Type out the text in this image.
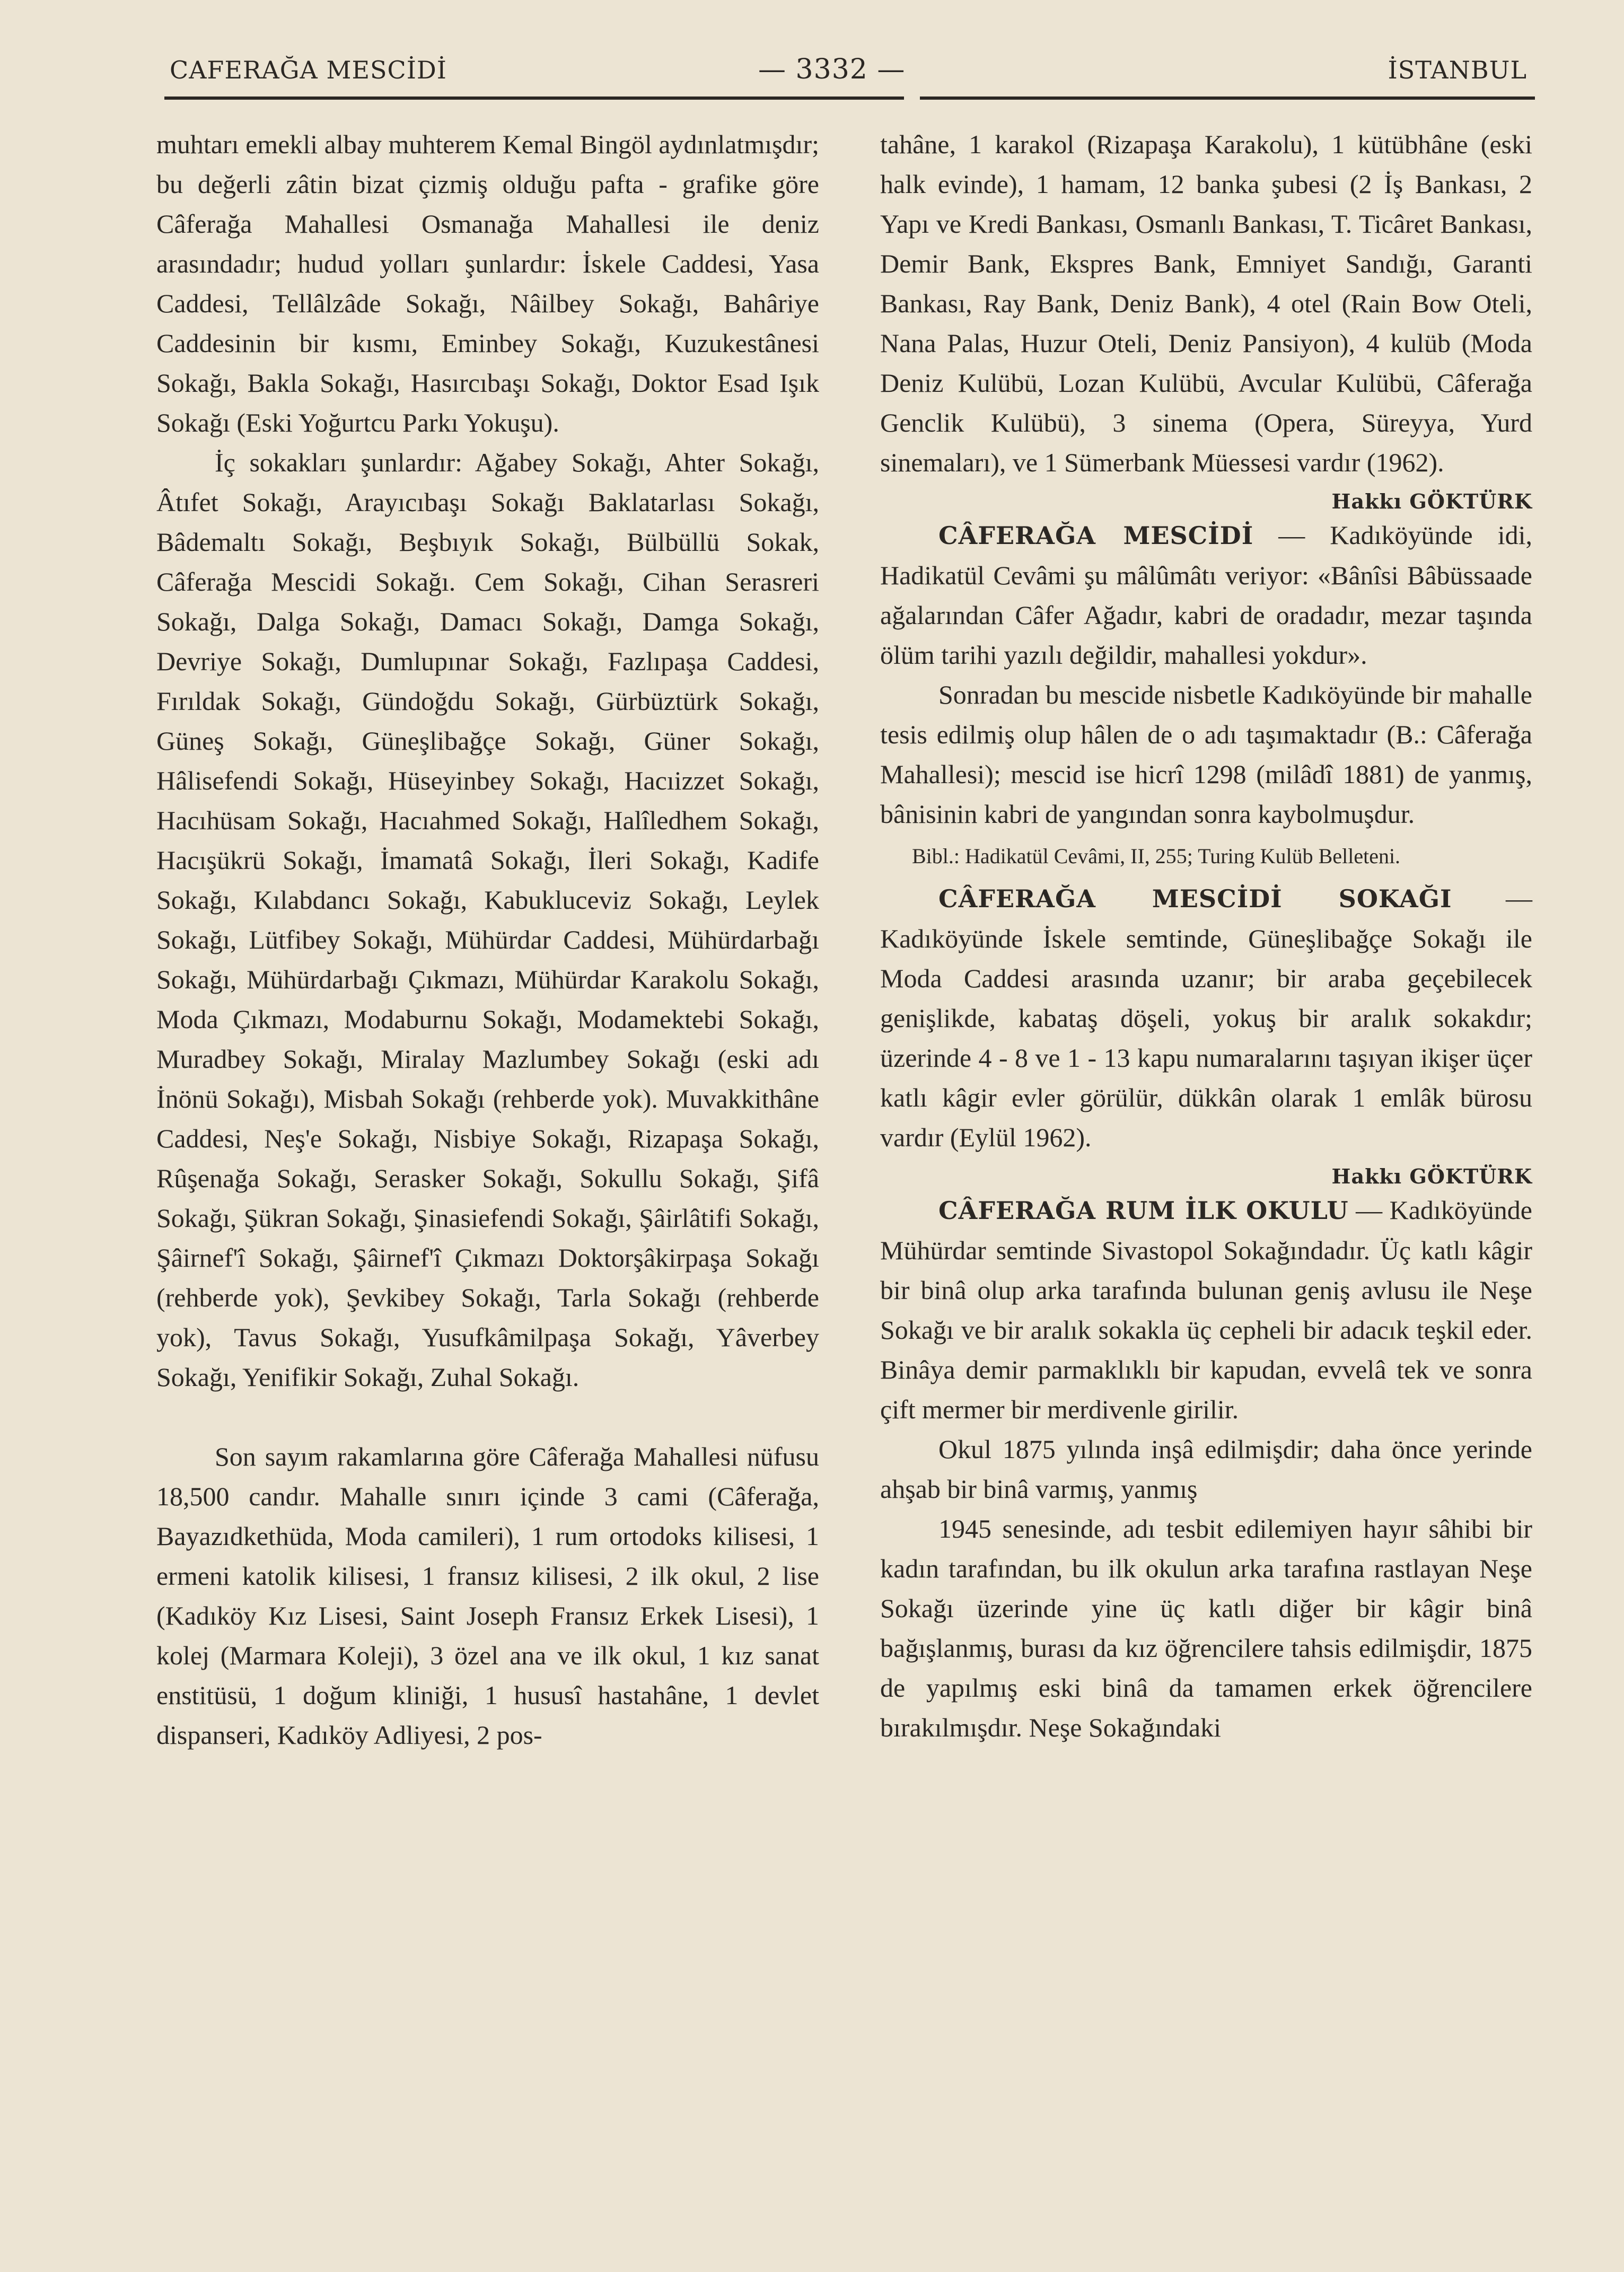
CAFERAĞA MESCİDİ	— 3332 —	İSTANBUL

muhtarı emekli albay muhterem Kemal Bingöl aydınlatmışdır; bu değerli zâtin bizat çizmiş olduğu pafta - grafike göre Câferağa Mahallesi Osmanağa Mahallesi ile deniz arasındadır; hudud yolları şunlardır: İskele Caddesi, Yasa Caddesi, Tellâlzâde Sokağı, Nâilbey Sokağı, Bahâriye Caddesinin bir kısmı, Eminbey Sokağı, Kuzukestânesi Sokağı, Bakla Sokağı, Hasırcıbaşı Sokağı, Doktor Esad Işık Sokağı (Eski Yoğurtcu Parkı Yokuşu).

İç sokakları şunlardır: Ağabey Sokağı, Ahter Sokağı, Âtıfet Sokağı, Arayıcıbaşı Sokağı Baklatarlası Sokağı, Bâdemaltı Sokağı, Beşbıyık Sokağı, Bülbüllü Sokak, Câferağa Mescidi Sokağı. Cem Sokağı, Cihan Serasreri Sokağı, Dalga Sokağı, Damacı Sokağı, Damga Sokağı, Devriye Sokağı, Dumlupınar Sokağı, Fazlıpaşa Caddesi, Fırıldak Sokağı, Gündoğdu Sokağı, Gürbüztürk Sokağı, Güneş Sokağı, Güneşlibağçe Sokağı, Güner Sokağı, Hâlisefendi Sokağı, Hüseyinbey Sokağı, Hacıizzet Sokağı, Hacıhüsam Sokağı, Hacıahmed Sokağı, Halîledhem Sokağı, Hacışükrü Sokağı, İmamatâ Sokağı, İleri Sokağı, Kadife Sokağı, Kılabdancı Sokağı, Kabukluceviz Sokağı, Leylek Sokağı, Lütfibey Sokağı, Mühürdar Caddesi, Mühürdarbağı Sokağı, Mühürdarbağı Çıkmazı, Mühürdar Karakolu Sokağı, Moda Çıkmazı, Modaburnu Sokağı, Modamektebi Sokağı, Muradbey Sokağı, Miralay Mazlumbey Sokağı (eski adı İnönü Sokağı), Misbah Sokağı (rehberde yok). Muvakkithâne Caddesi, Neş'e Sokağı, Nisbiye Sokağı, Rizapaşa Sokağı, Rûşenağa Sokağı, Serasker Sokağı, Sokullu Sokağı, Şifâ Sokağı, Şükran Sokağı, Şinasiefendi Sokağı, Şâirlâtifi Sokağı, Şâirnef'î Sokağı, Şâirnef'î Çıkmazı Doktorşâkirpaşa Sokağı (rehberde yok), Şevkibey Sokağı, Tarla Sokağı (rehberde yok), Tavus Sokağı, Yusufkâmilpaşa Sokağı, Yâverbey Sokağı, Yenifikir Sokağı, Zuhal Sokağı.

Son sayım rakamlarına göre Câferağa Mahallesi nüfusu 18,500 candır. Mahalle sınırı içinde 3 cami (Câferağa, Bayazıdkethüda, Moda camileri), 1 rum ortodoks kilisesi, 1 ermeni katolik kilisesi, 1 fransız kilisesi, 2 ilk okul, 2 lise (Kadıköy Kız Lisesi, Saint Joseph Fransız Erkek Lisesi), 1 kolej (Marmara Koleji), 3 özel ana ve ilk okul, 1 kız sanat enstitüsü, 1 doğum kliniği, 1 hususî hastahâne, 1 devlet dispanseri, Kadıköy Adliyesi, 2 pos-

tahâne, 1 karakol (Rizapaşa Karakolu), 1 kütübhâne (eski halk evinde), 1 hamam, 12 banka şubesi (2 İş Bankası, 2 Yapı ve Kredi Bankası, Osmanlı Bankası, T. Ticâret Bankası, Demir Bank, Ekspres Bank, Emniyet Sandığı, Garanti Bankası, Ray Bank, Deniz Bank), 4 otel (Rain Bow Oteli, Nana Palas, Huzur Oteli, Deniz Pansiyon), 4 kulüb (Moda Deniz Kulübü, Lozan Kulübü, Avcular Kulübü, Câferağa Genclik Kulübü), 3 sinema (Opera, Süreyya, Yurd sinemaları), ve 1 Sümerbank Müessesi vardır (1962).

Hakkı GÖKTÜRK

CÂFERAĞA MESCİDİ — Kadıköyünde idi, Hadikatül Cevâmi şu mâlûmâtı veriyor: «Bânîsi Bâbüssaade ağalarından Câfer Ağadır, kabri de oradadır, mezar taşında ölüm tarihi yazılı değildir, mahallesi yokdur».

Sonradan bu mescide nisbetle Kadıköyünde bir mahalle tesis edilmiş olup hâlen de o adı taşımaktadır (B.: Câferağa Mahallesi); mescid ise hicrî 1298 (milâdî 1881) de yanmış, bânisinin kabri de yangından sonra kaybolmuşdur.

Bibl.: Hadikatül Cevâmi, II, 255; Turing Kulüb Belleteni.

CÂFERAĞA MESCİDİ SOKAĞI — Kadıköyünde İskele semtinde, Güneşlibağçe Sokağı ile Moda Caddesi arasında uzanır; bir araba geçebilecek genişlikde, kabataş döşeli, yokuş bir aralık sokakdır; üzerinde 4 - 8 ve 1 - 13 kapu numaralarını taşıyan ikişer üçer katlı kâgir evler görülür, dükkân olarak 1 emlâk bürosu vardır (Eylül 1962).

Hakkı GÖKTÜRK

CÂFERAĞA RUM İLK OKULU — Kadıköyünde Mühürdar semtinde Sivastopol Sokağındadır. Üç katlı kâgir bir binâ olup arka tarafında bulunan geniş avlusu ile Neşe Sokağı ve bir aralık sokakla üç cepheli bir adacık teşkil eder. Binâya demir parmaklıklı bir kapudan, evvelâ tek ve sonra çift mermer bir merdivenle girilir.

Okul 1875 yılında inşâ edilmişdir; daha önce yerinde ahşab bir binâ varmış, yanmış

1945 senesinde, adı tesbit edilemiyen hayır sâhibi bir kadın tarafından, bu ilk okulun arka tarafına rastlayan Neşe Sokağı üzerinde yine üç katlı diğer bir kâgir binâ bağışlanmış, burası da kız öğrencilere tahsis edilmişdir, 1875 de yapılmış eski binâ da tamamen erkek öğrencilere bırakılmışdır. Neşe Sokağındaki
